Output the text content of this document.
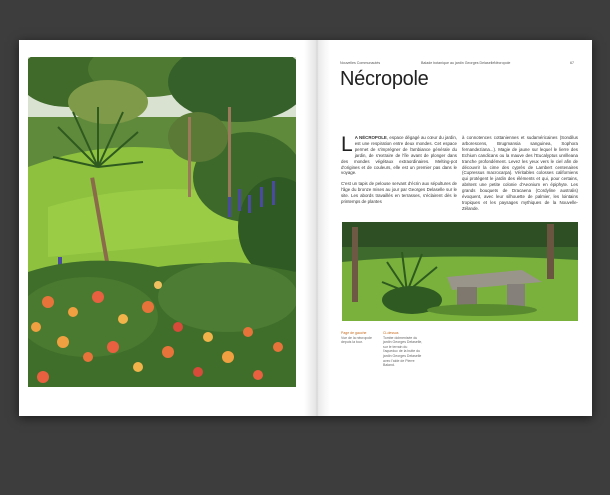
Nouvelles Communautés	Balade botanique au jardin Georges Delaselle Nécropole	67
Nécropole

L A NÉCROPOLE, espace dégagé au cœur du jardin, est une respiration entre deux mondes. Cet espace permet de s'imprégner de l'ambiance générale du jardin, de s'extraire de l'île avant de plonger dans des mondes végétaux extraordinaires. Melting-pot d'origines et de couleurs, elle est un premier pas dans le voyage.

C'est un tapis de pelouse servant d'écrin aux sépultures de l'âge du bronze mises au jour par Georges Delaselle sur le site. Les abords travaillés en terrasses, s'éclairent dès le printemps de plantes

à connotences cottaniennes et sudaméricaines (Sondilus arborescens, Brugmansia sanguinea, Sophora fernandeziana...). Magie de jaune sur lequel le lierre des Echium candicans ou la mauve des l'Eucalyptus unrilleana tranche profondément. Levez les yeux vers le ciel afin de découvrir la cime des cyprès de Lambert centenaires (Cupressus macrocarpa). Véritables colosses californiens qui protègent le jardin des éléments et qui, pour certains, abritent une petite colonie d'Aeonium en épiphyte. Les grands bouquets de Dracaena (Cordyline australis) évoquent, avec leur silhouette de palmier, les lointains tropiques et les paysages mythiques de la Nouvelle-Zélande.

Page de gauche
Vue de la nécropole depuis la tour.
Ci-dessus
Tombe dolmenisée du jardin Georges Delaselle, sur le terrain du l'aqueduc de la butte du jardin Georges Delaselle avec l'aide de Pierre Baland.
